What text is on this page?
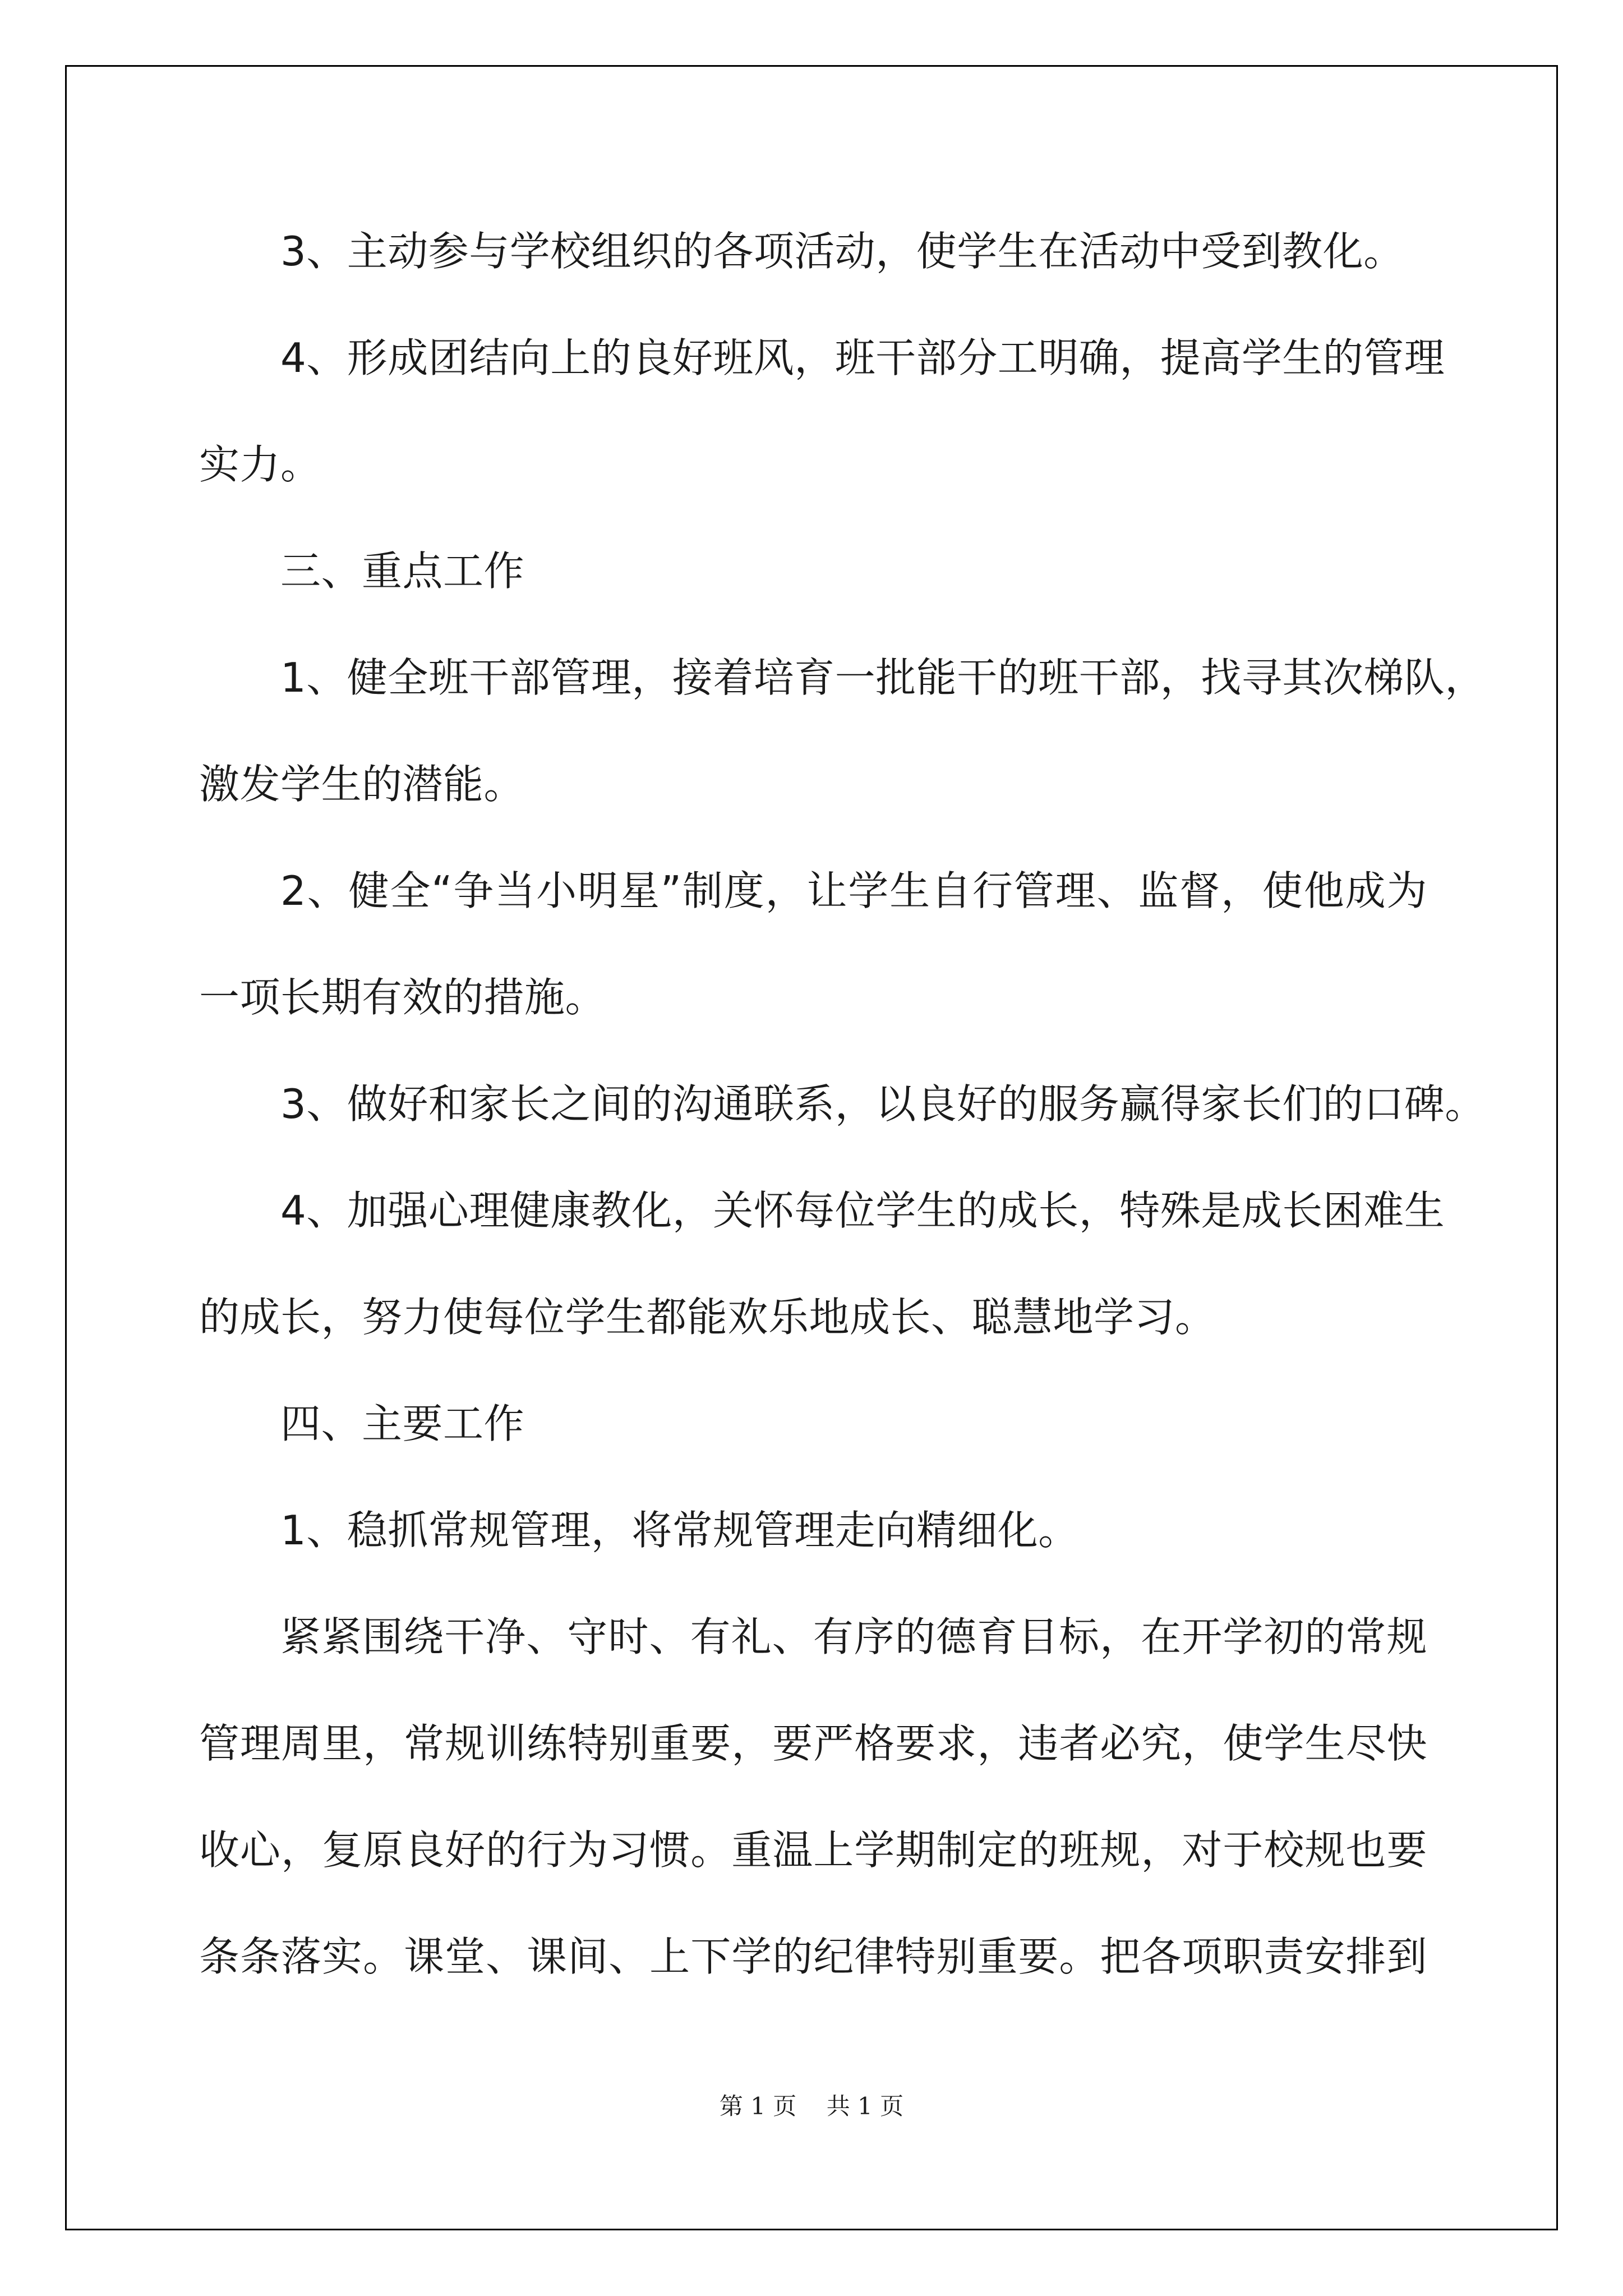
3、主动参与学校组织的各项活动，使学生在活动中受到教化。
4、形成团结向上的良好班风，班干部分工明确，提高学生的管理
实力。
三、重点工作
1、健全班干部管理，接着培育一批能干的班干部，找寻其次梯队，
激发学生的潜能。
2、健全“争当小明星”制度，让学生自行管理、监督，使他成为
一项长期有效的措施。
3、做好和家长之间的沟通联系，以良好的服务赢得家长们的口碑。
4、加强心理健康教化，关怀每位学生的成长，特殊是成长困难生
的成长，努力使每位学生都能欢乐地成长、聪慧地学习。
四、主要工作
1、稳抓常规管理，将常规管理走向精细化。
紧紧围绕干净、守时、有礼、有序的德育目标，在开学初的常规
管理周里，常规训练特别重要，要严格要求，违者必究，使学生尽快
收心，复原良好的行为习惯。重温上学期制定的班规，对于校规也要
条条落实。课堂、课间、上下学的纪律特别重要。把各项职责安排到
第 1 页 共 1 页
